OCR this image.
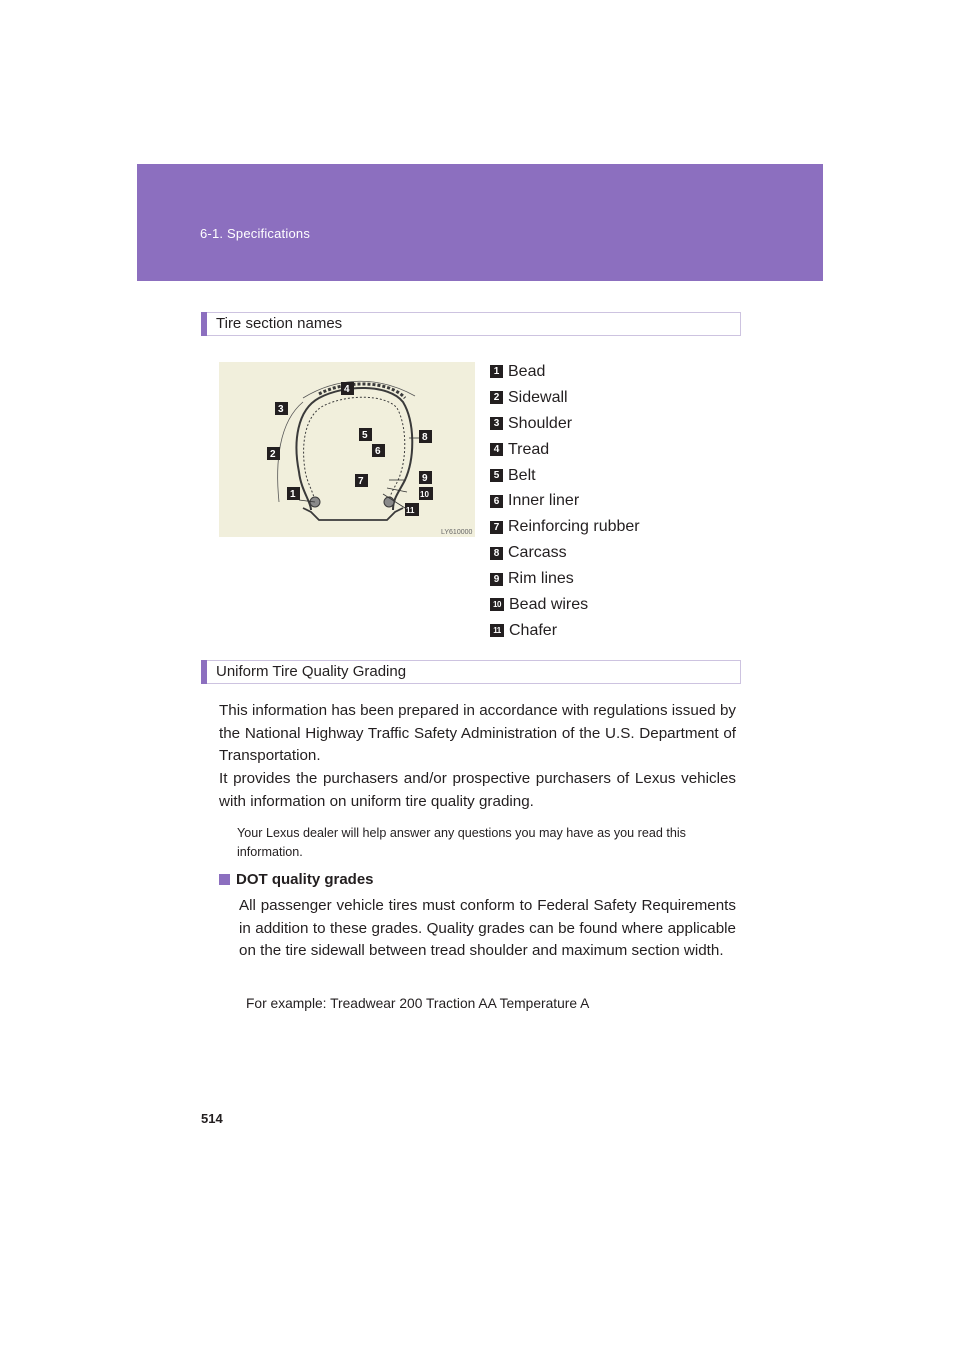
6-1. Specifications
Tire section names
1
2
3
4
5
6
7
8
9
10
11
LY610000
1 Bead
2 Sidewall
3 Shoulder
4 Tread
5 Belt
6 Inner liner
7 Reinforcing rubber
8 Carcass
9 Rim lines
10 Bead wires
11 Chafer
Uniform Tire Quality Grading

This information has been prepared in accordance with regulations issued by the National Highway Traffic Safety Administration of the U.S. Department of Transportation.

It provides the purchasers and/or prospective purchasers of Lexus vehicles with information on uniform tire quality grading.

Your Lexus dealer will help answer any questions you may have as you read this information.

DOT quality grades

All passenger vehicle tires must conform to Federal Safety Requirements in addition to these grades. Quality grades can be found where applicable on the tire sidewall between tread shoulder and maximum section width.

For example: Treadwear 200 Traction AA Temperature A

514
